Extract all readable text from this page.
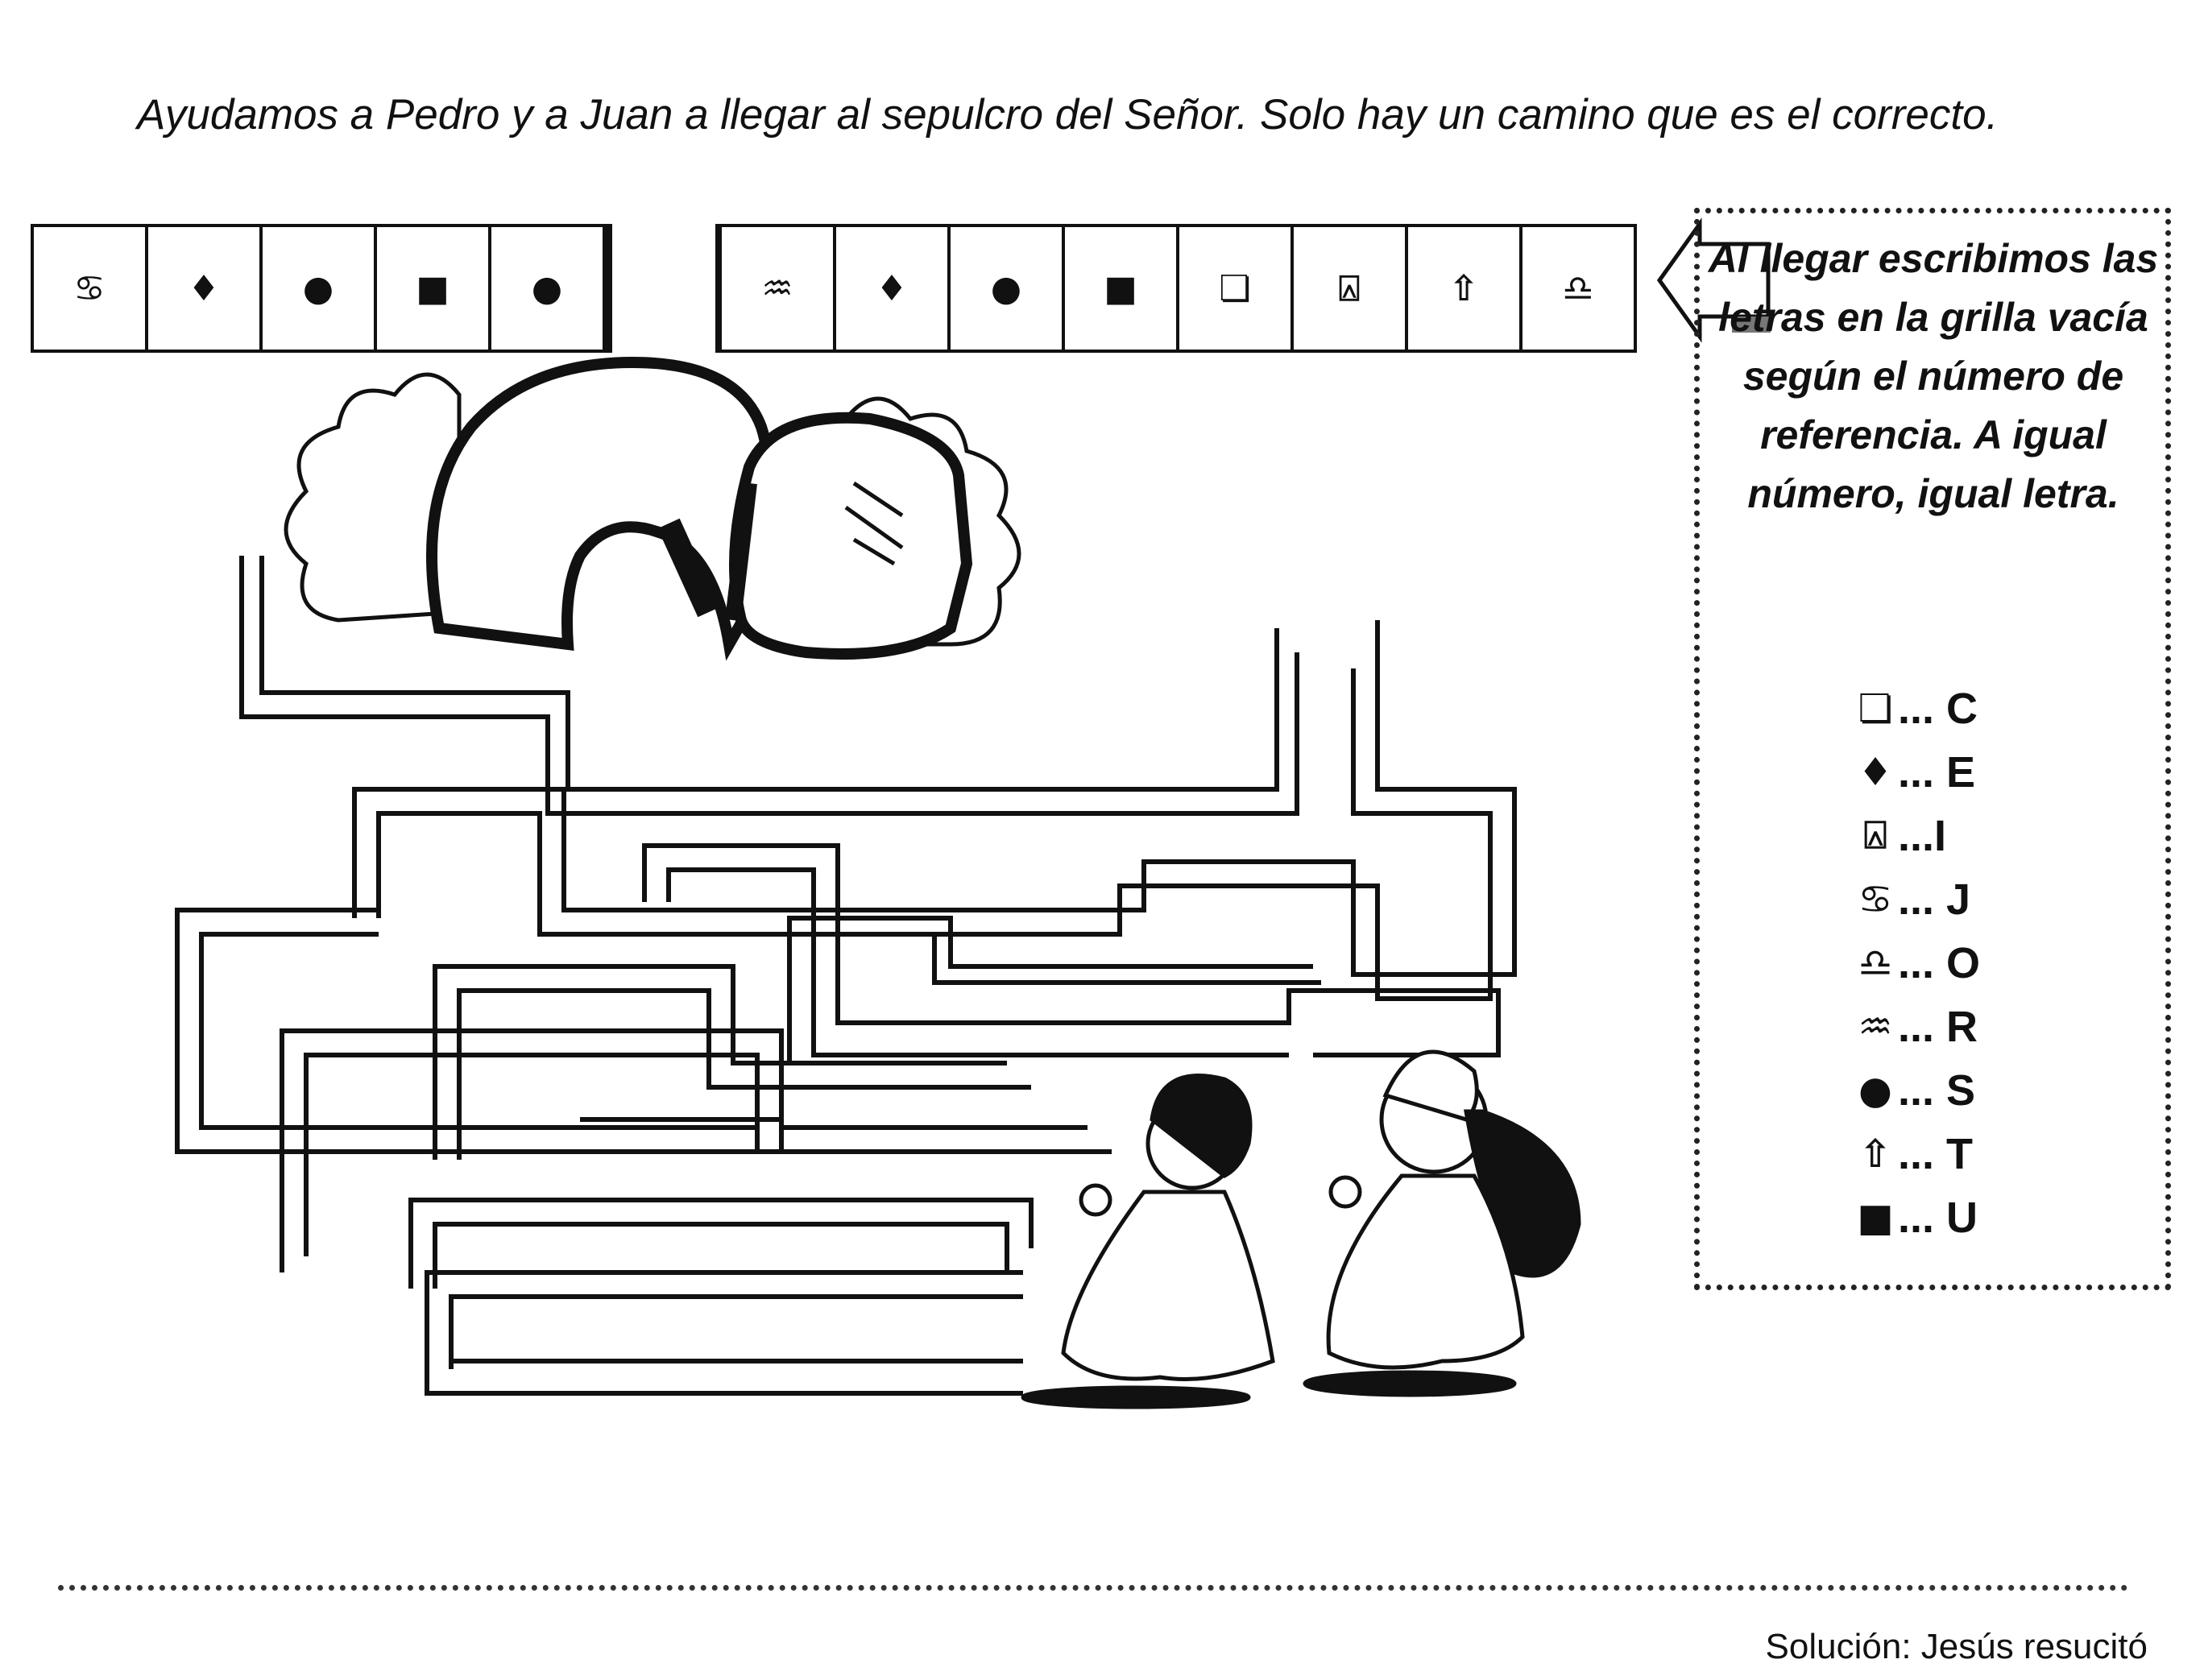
Ayudamos a Pedro y a Juan a llegar al sepulcro del Señor. Solo hay un camino que es el correcto.
♋ ♦ ● ■ ●	♒ ♦ ● ■ ❏ ⍓	⇧ ♎
Al llegar escribimos las letras en la grilla vacía según el número de referencia. A igual número, igual letra.
❏ ... C
♦ ... E
⍓ ...I
♋ ... J
♎ ... O
♒ ... R
● ... S
⇧ ... T
■ ... U
Solución: Jesús resucitó
